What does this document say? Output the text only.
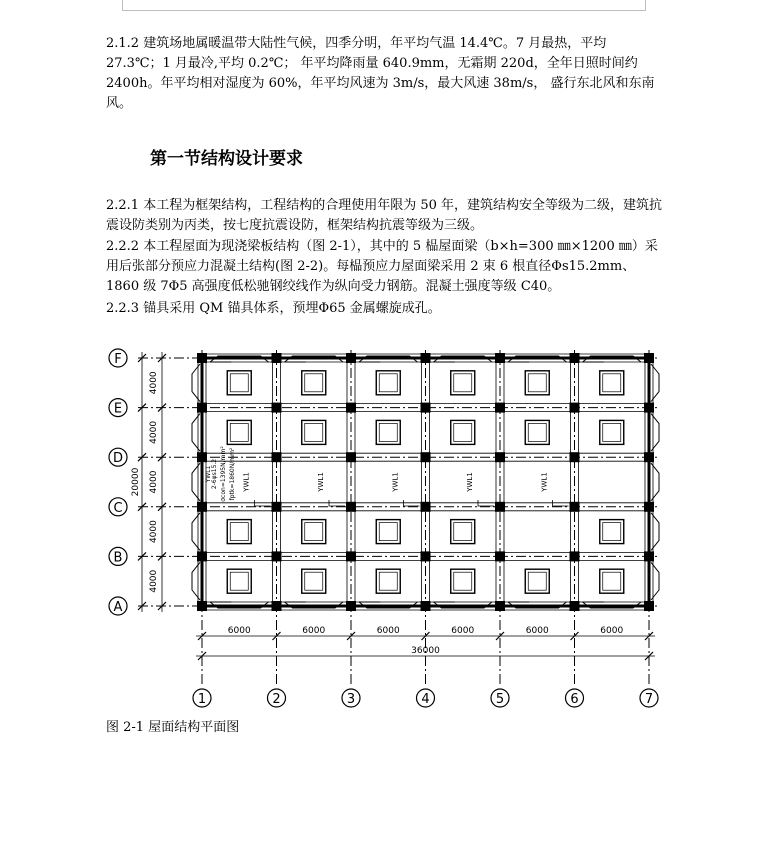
2.1.2 建筑场地属暖温带大陆性气候，四季分明，年平均气温 14.4℃。7 月最热，平均 27.3℃；1 月最冷,平均 0.2℃； 年平均降雨量 640.9mm，无霜期 220d，全年日照时间约 2400h。年平均相对湿度为 60%，年平均风速为 3m/s，最大风速 38m/s， 盛行东北风和东南风。

第一节结构设计要求

2.2.1 本工程为框架结构，工程结构的合理使用年限为 50 年，建筑结构安全等级为二级，建筑抗震设防类别为丙类，按七度抗震设防，框架结构抗震等级为三级。

2.2.2 本工程屋面为现浇梁板结构（图 2-1），其中的 5 榀屋面梁（b×h=300 ㎜×1200 ㎜）采用后张部分预应力混凝土结构(图 2-2)。每榀预应力屋面梁采用 2 束 6 根直径Φs15.2mm、1860 级 7Φ5 高强度低松驰钢绞线作为纵向受力钢筋。混凝土强度等级 C40。

2.2.3 锚具采用 QM 锚具体系，预埋Φ65 金属螺旋成孔。

YWL1	YWL1	YWL1	YWL1	YWL1
2-6φs15.2 σcon=1395N/mm² fptk=1860N/mm²
YWL1
F
E
D
C
B
A
4000
4000
4000
4000
4000
20000
6000	6000	6000	6000	6000	6000
36000
1	2	3	4	5	6	7

图 2-1 屋面结构平面图
